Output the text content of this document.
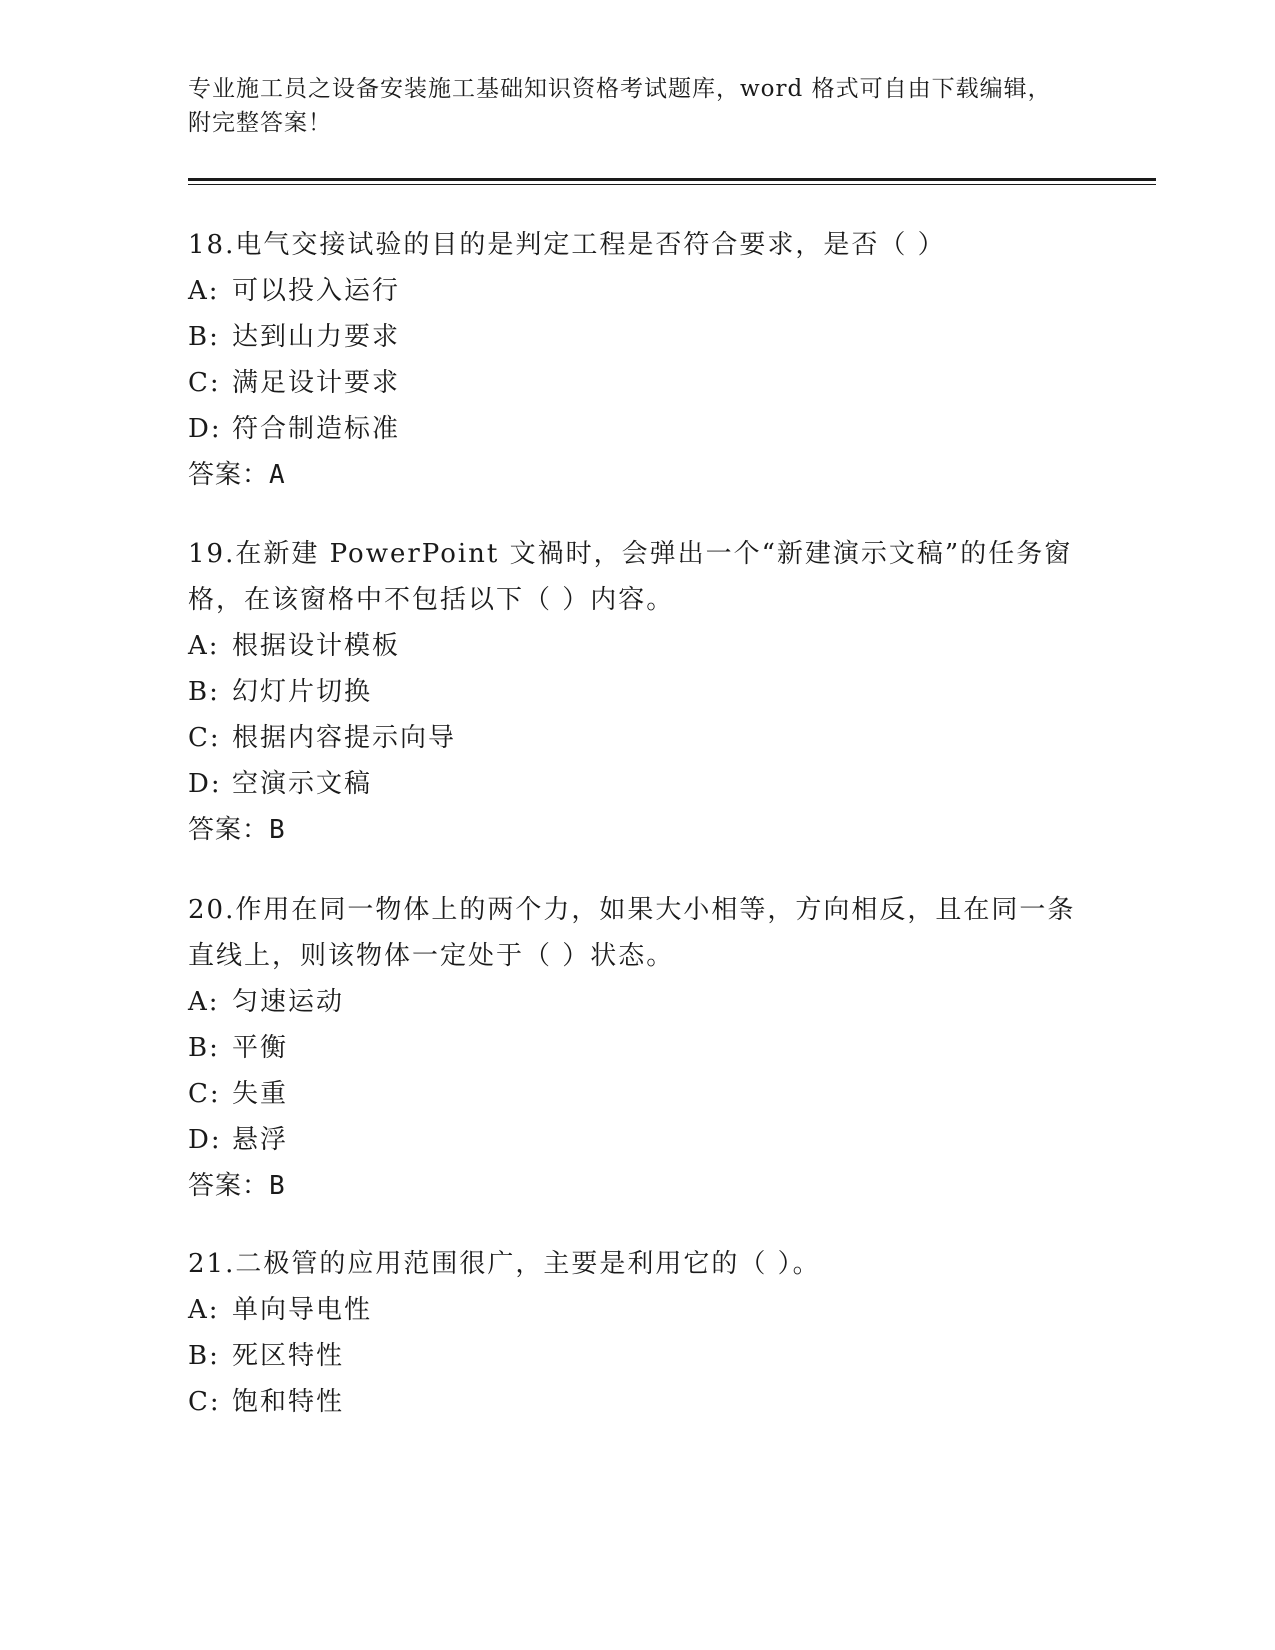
专业施工员之设备安装施工基础知识资格考试题库，word 格式可自由下载编辑，附完整答案！

18.电气交接试验的目的是判定工程是否符合要求，是否（ ）

A: 可以投入运行

B: 达到山力要求

C: 满足设计要求

D: 符合制造标准

答案：A

19.在新建 PowerPoint 文禍时，会弹出一个“新建演示文稿”的任务窗格，在该窗格中不包括以下（ ）内容。

A: 根据设计模板

B: 幻灯片切换

C: 根据内容提示向导

D: 空演示文稿

答案：B

20.作用在同一物体上的两个力，如果大小相等，方向相反，且在同一条直线上，则该物体一定处于（ ）状态。

A: 匀速运动

B: 平衡

C: 失重

D: 悬浮

答案：B

21.二极管的应用范围很广，主要是利用它的（ ）。

A: 单向导电性

B: 死区特性

C: 饱和特性
